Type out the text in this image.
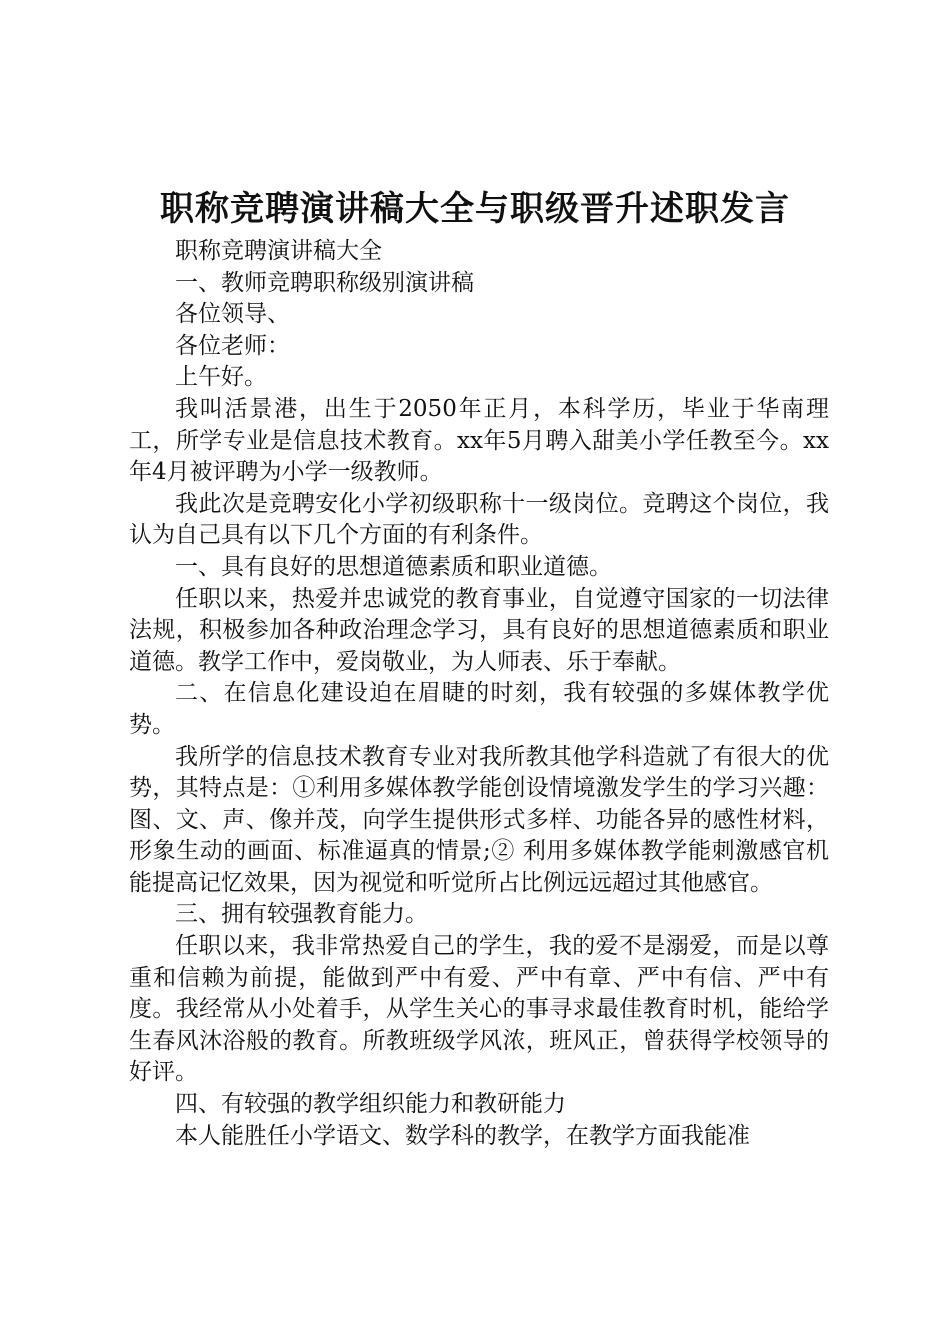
职称竞聘演讲稿大全与职级晋升述职发言

职称竞聘演讲稿大全

一、教师竞聘职称级别演讲稿

各位领导、

各位老师：

上午好。

我叫活景港，出生于2050年正月，本科学历，毕业于华南理工，所学专业是信息技术教育。xx年5月聘入甜美小学任教至今。xx年4月被评聘为小学一级教师。

我此次是竞聘安化小学初级职称十一级岗位。竞聘这个岗位，我认为自己具有以下几个方面的有利条件。

一、具有良好的思想道德素质和职业道德。

任职以来，热爱并忠诚党的教育事业，自觉遵守国家的一切法律法规，积极参加各种政治理念学习，具有良好的思想道德素质和职业道德。教学工作中，爱岗敬业，为人师表、乐于奉献。

二、在信息化建设迫在眉睫的时刻，我有较强的多媒体教学优势。

我所学的信息技术教育专业对我所教其他学科造就了有很大的优势，其特点是：①利用多媒体教学能创设情境激发学生的学习兴趣：图、文、声、像并茂，向学生提供形式多样、功能各异的感性材料，形象生动的画面、标准逼真的情景;② 利用多媒体教学能刺激感官机能提高记忆效果，因为视觉和听觉所占比例远远超过其他感官。

三、拥有较强教育能力。

任职以来，我非常热爱自己的学生，我的爱不是溺爱，而是以尊重和信赖为前提，能做到严中有爱、严中有章、严中有信、严中有度。我经常从小处着手，从学生关心的事寻求最佳教育时机，能给学生春风沐浴般的教育。所教班级学风浓，班风正，曾获得学校领导的好评。

四、有较强的教学组织能力和教研能力

本人能胜任小学语文、数学科的教学，在教学方面我能准
